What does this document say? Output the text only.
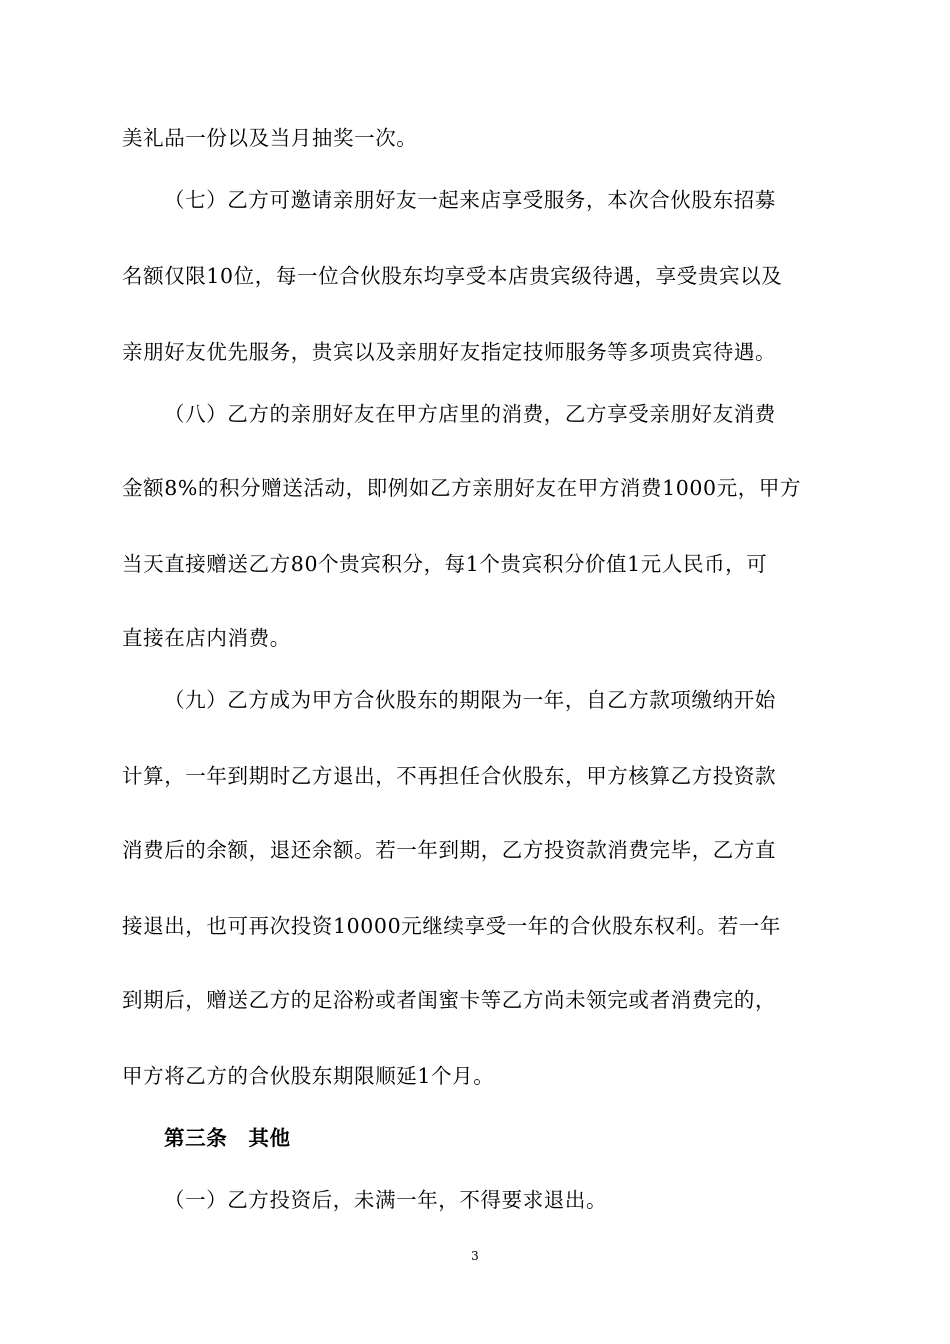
美礼品一份以及当月抽奖一次。
（七）乙方可邀请亲朋好友一起来店享受服务，本次合伙股东招募
名额仅限10位，每一位合伙股东均享受本店贵宾级待遇，享受贵宾以及
亲朋好友优先服务，贵宾以及亲朋好友指定技师服务等多项贵宾待遇。
（八）乙方的亲朋好友在甲方店里的消费，乙方享受亲朋好友消费
金额8%的积分赠送活动，即例如乙方亲朋好友在甲方消费1000元，甲方
当天直接赠送乙方80个贵宾积分，每1个贵宾积分价值1元人民币，可
直接在店内消费。
（九）乙方成为甲方合伙股东的期限为一年，自乙方款项缴纳开始
计算，一年到期时乙方退出，不再担任合伙股东，甲方核算乙方投资款
消费后的余额，退还余额。若一年到期，乙方投资款消费完毕，乙方直
接退出，也可再次投资10000元继续享受一年的合伙股东权利。若一年
到期后，赠送乙方的足浴粉或者闺蜜卡等乙方尚未领完或者消费完的，
甲方将乙方的合伙股东期限顺延1个月。
第三条　其他
（一）乙方投资后，未满一年，不得要求退出。
3
